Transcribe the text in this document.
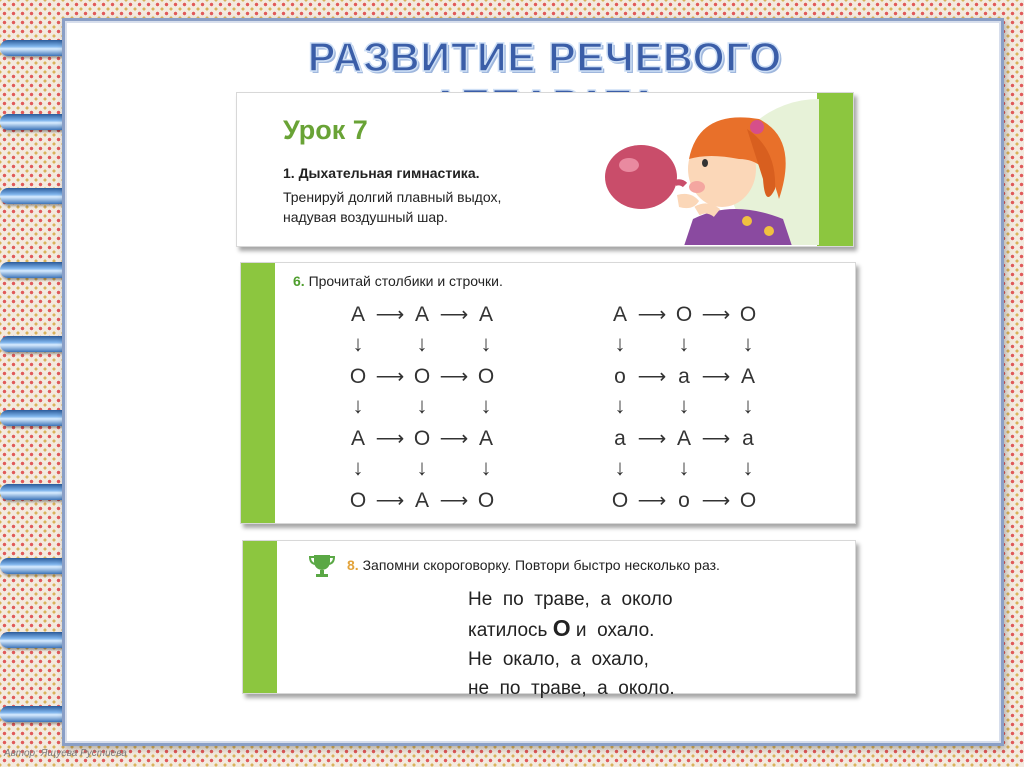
РАЗВИТИЕ РЕЧЕВОГО
Урок 7
1. Дыхательная гимнастика.
Тренируй долгий плавный выдох,
надувая воздушный шар.
6. Прочитай столбики и строчки.
А ⟶
↓
А ⟶
↓
А
↓
О ⟶
↓
О ⟶
↓
О
↓
А ⟶
↓
О ⟶
↓
А
↓
О ⟶ А ⟶ О
А ⟶
↓
О ⟶
↓
О
↓
о ⟶
↓
а ⟶
↓
А
↓
а ⟶
↓
А ⟶
↓
а
↓
О ⟶ о ⟶ О
8. Запомни скороговорку. Повтори быстро несколько раз.
Не  по  траве,  а  около
катилось О и  охало.
Не  окало,  а  охало,
не  по  траве,  а  около.
Автор: Ящуева Рустиева
